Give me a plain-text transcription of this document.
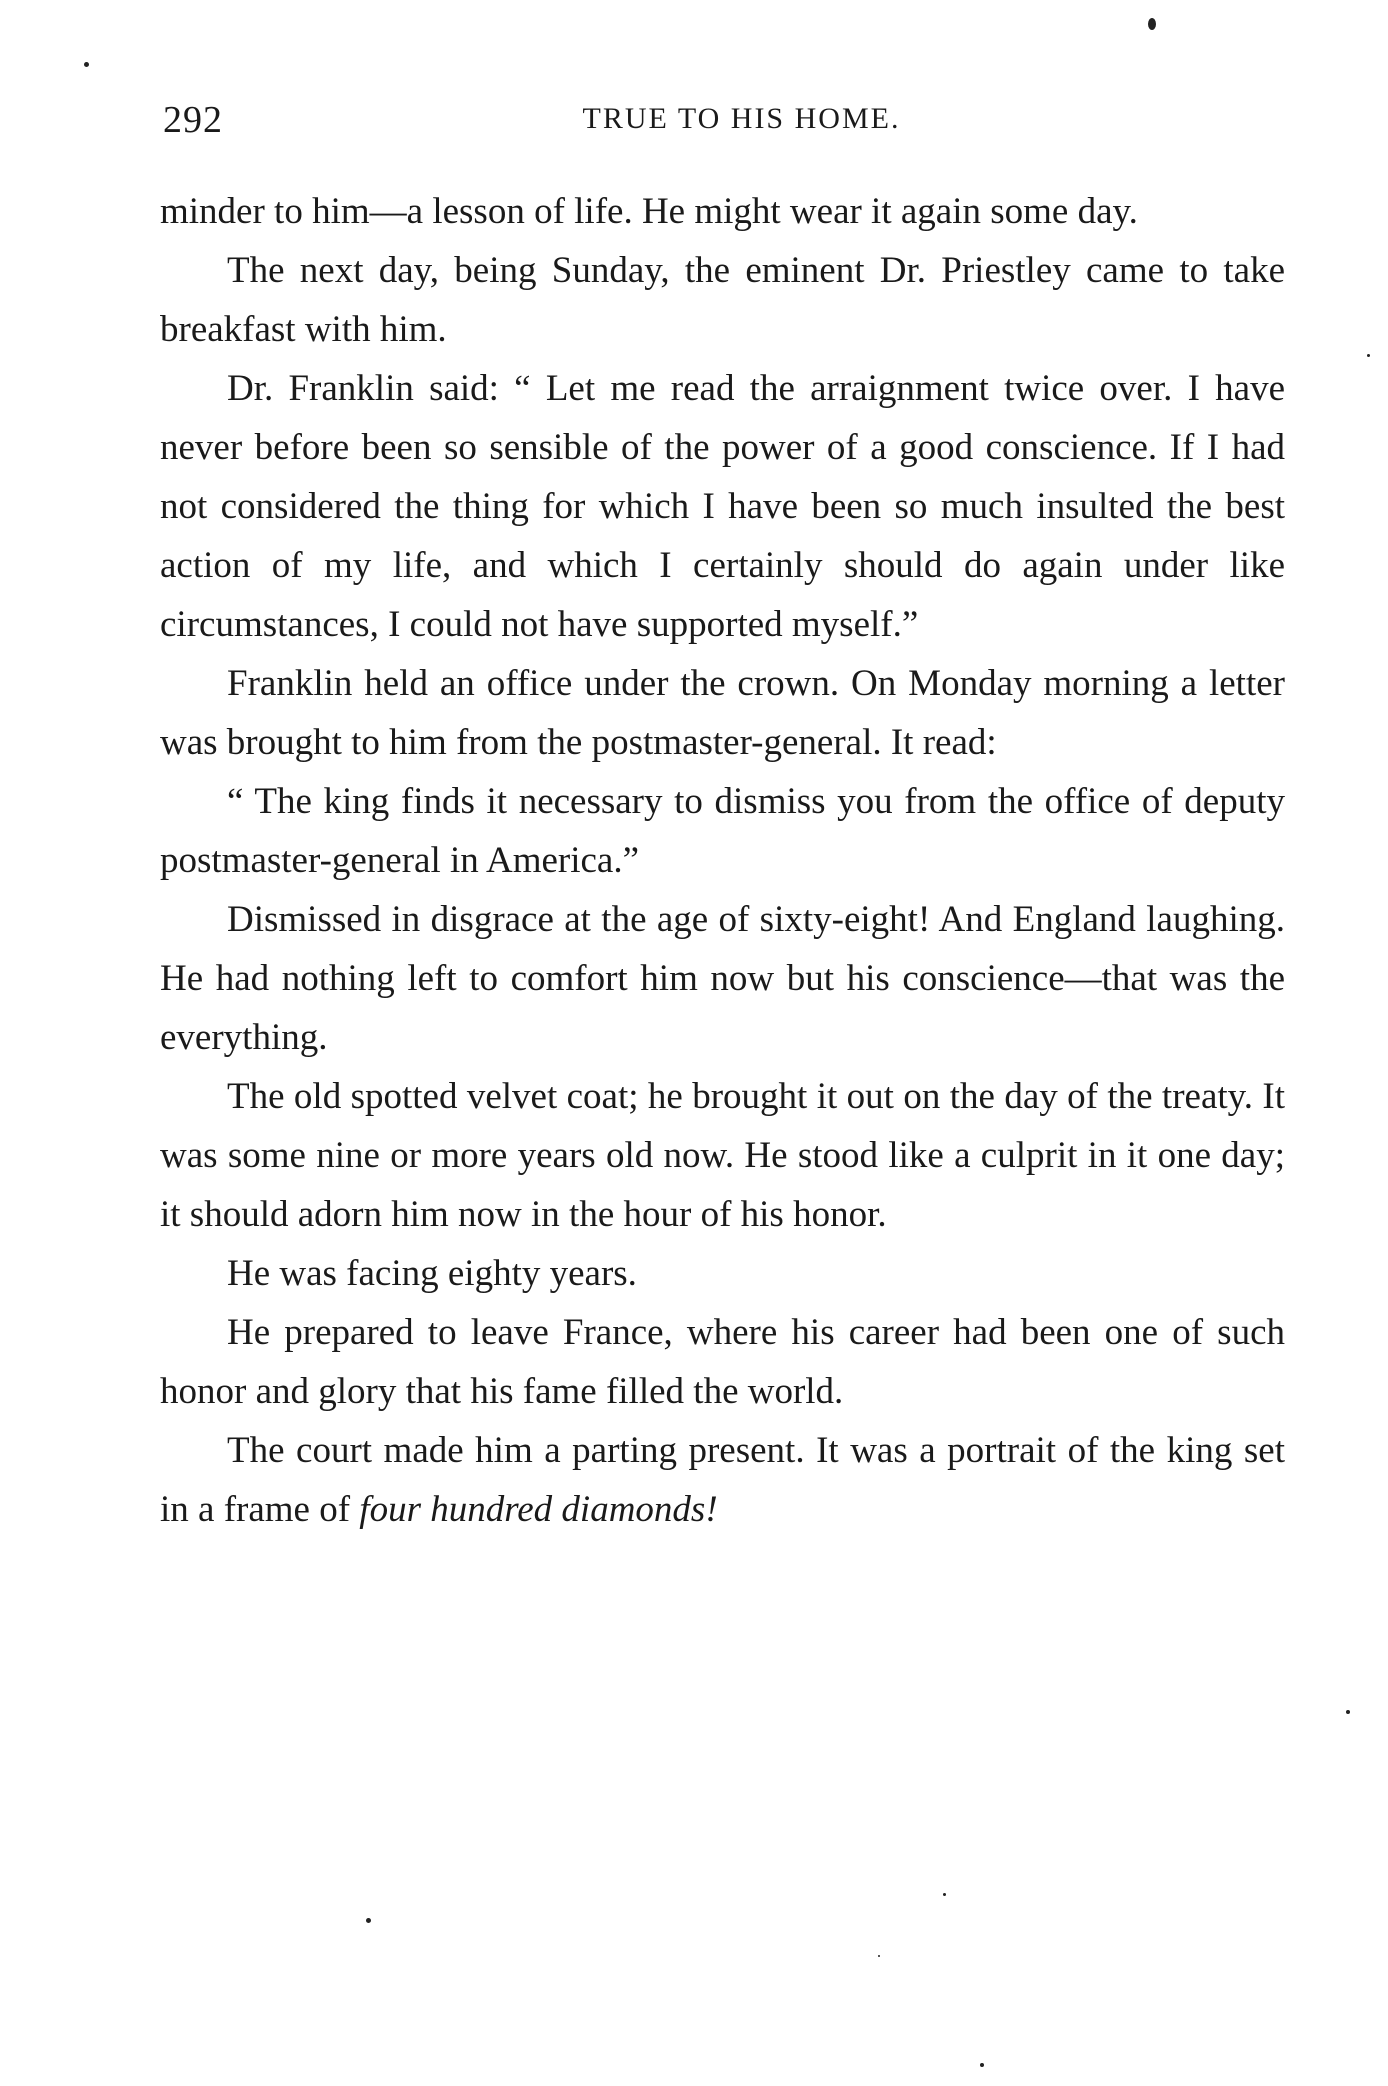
292	TRUE TO HIS HOME.

minder to him—a lesson of life. He might wear it again some day.

The next day, being Sunday, the eminent Dr. Priestley came to take breakfast with him.

Dr. Franklin said: “ Let me read the arraignment twice over. I have never before been so sensible of the power of a good conscience. If I had not considered the thing for which I have been so much insulted the best action of my life, and which I certainly should do again under like circumstances, I could not have supported myself.”

Franklin held an office under the crown. On Monday morning a letter was brought to him from the postmaster-general. It read:

“ The king finds it necessary to dismiss you from the office of deputy postmaster-general in America.”

Dismissed in disgrace at the age of sixty-eight! And England laughing. He had nothing left to comfort him now but his conscience—that was the everything.

The old spotted velvet coat; he brought it out on the day of the treaty. It was some nine or more years old now. He stood like a culprit in it one day; it should adorn him now in the hour of his honor.

He was facing eighty years.

He prepared to leave France, where his career had been one of such honor and glory that his fame filled the world.

The court made him a parting present. It was a portrait of the king set in a frame of four hundred diamonds!
